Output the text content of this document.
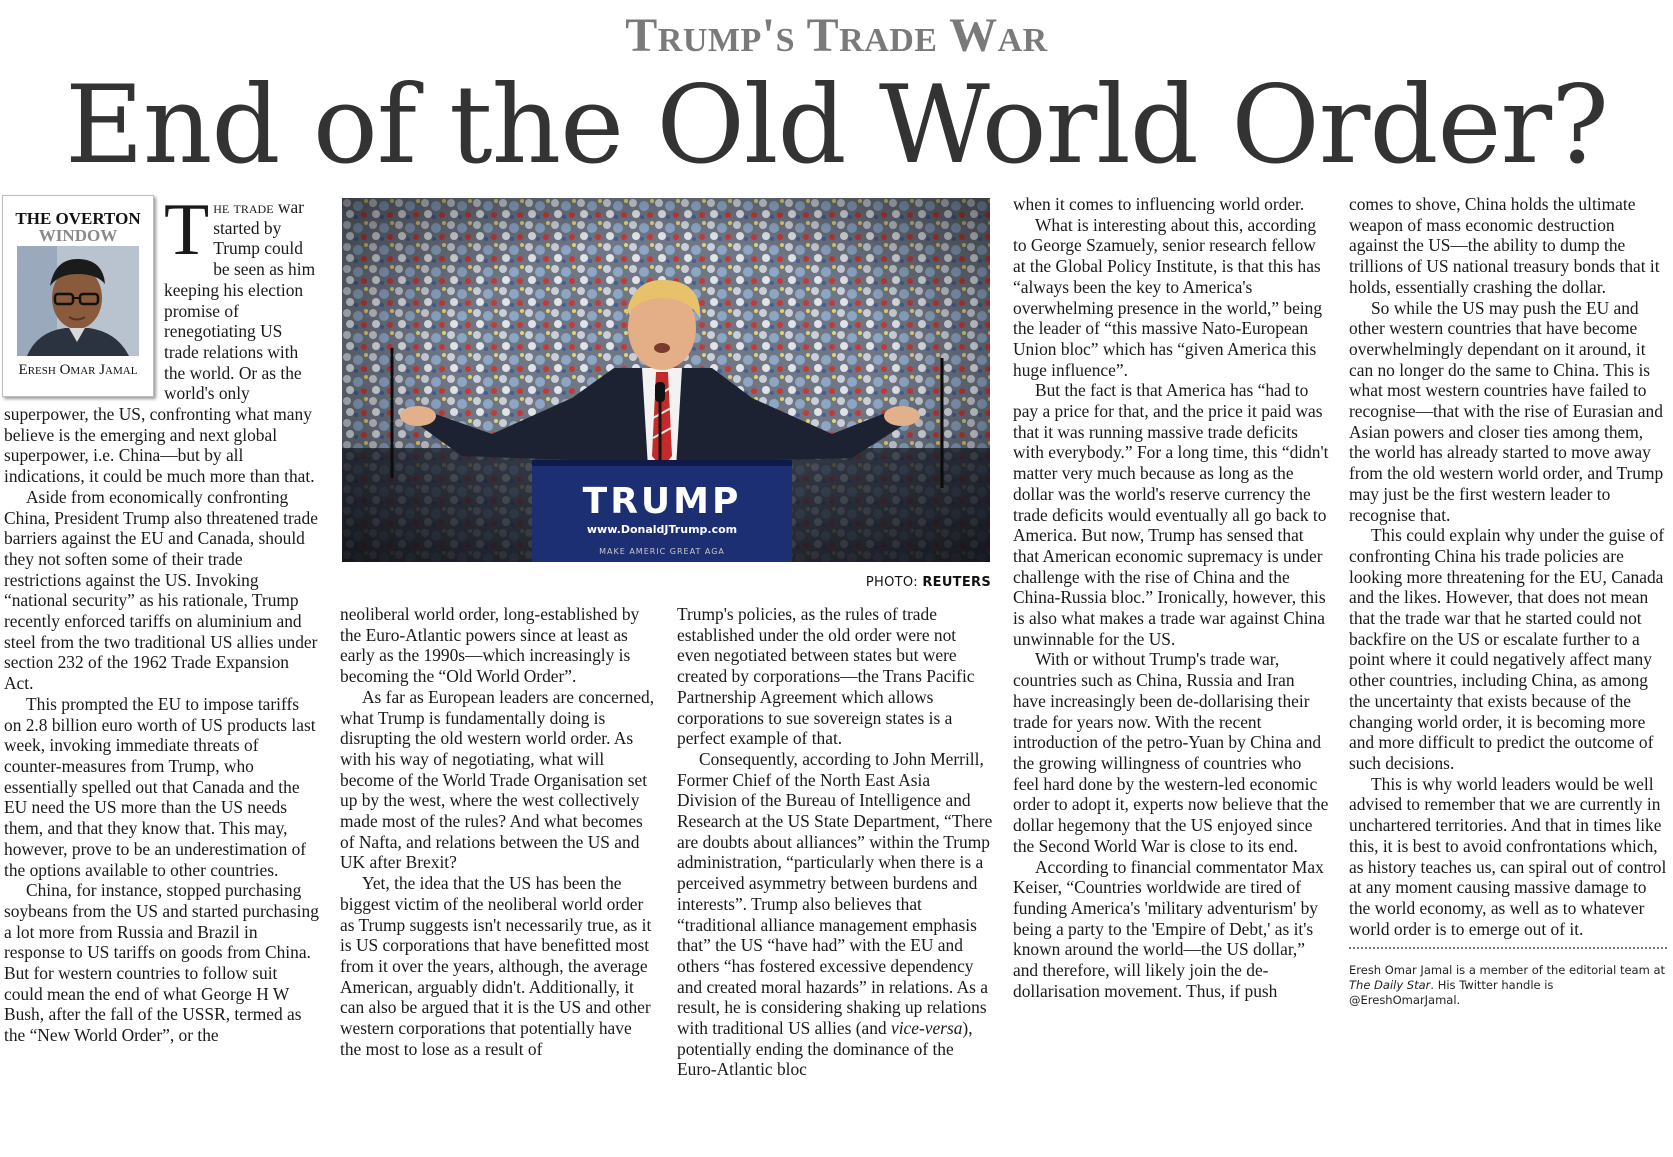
Trump's Trade War
End of the Old World Order?
THE OVERTON
WINDOW
Eresh Omar Jamal

The trade war started by Trump could be seen as him keeping his election promise of renegotiating US trade relations with the world. Or as the world's only superpower, the US, confronting what many believe is the emerging and next global superpower, i.e. China—but by all indications, it could be much more than that.

Aside from economically confronting China, President Trump also threatened trade barriers against the EU and Canada, should they not soften some of their trade restrictions against the US. Invoking “national security” as his rationale, Trump recently enforced tariffs on aluminium and steel from the two traditional US allies under section 232 of the 1962 Trade Expansion Act.

This prompted the EU to impose tariffs on 2.8 billion euro worth of US products last week, invoking immediate threats of counter-measures from Trump, who essentially spelled out that Canada and the EU need the US more than the US needs them, and that they know that. This may, however, prove to be an underestimation of the options available to other countries.

China, for instance, stopped purchasing soybeans from the US and started purchasing a lot more from Russia and Brazil in response to US tariffs on goods from China. But for western countries to follow suit could mean the end of what George H W Bush, after the fall of the USSR, termed as the “New World Order”, or the

TRUMP
www.DonaldJTrump.com
MAKE AMERIC GREAT AGA
PHOTO: REUTERS

neoliberal world order, long-established by the Euro-Atlantic powers since at least as early as the 1990s—which increasingly is becoming the “Old World Order”.

As far as European leaders are concerned, what Trump is fundamentally doing is disrupting the old western world order. As with his way of negotiating, what will become of the World Trade Organisation set up by the west, where the west collectively made most of the rules? And what becomes of Nafta, and relations between the US and UK after Brexit?

Yet, the idea that the US has been the biggest victim of the neoliberal world order as Trump suggests isn't necessarily true, as it is US corporations that have benefitted most from it over the years, although, the average American, arguably didn't. Additionally, it can also be argued that it is the US and other western corporations that potentially have the most to lose as a result of

Trump's policies, as the rules of trade established under the old order were not even negotiated between states but were created by corporations—the Trans Pacific Partnership Agreement which allows corporations to sue sovereign states is a perfect example of that.

Consequently, according to John Merrill, Former Chief of the North East Asia Division of the Bureau of Intelligence and Research at the US State Department, “There are doubts about alliances” within the Trump administration, “particularly when there is a perceived asymmetry between burdens and interests”. Trump also believes that “traditional alliance management emphasis that” the US “have had” with the EU and others “has fostered excessive dependency and created moral hazards” in relations. As a result, he is considering shaking up relations with traditional US allies (and vice-versa), potentially ending the dominance of the Euro-Atlantic bloc

when it comes to influencing world order.

What is interesting about this, according to George Szamuely, senior research fellow at the Global Policy Institute, is that this has “always been the key to America's overwhelming presence in the world,” being the leader of “this massive Nato-European Union bloc” which has “given America this huge influence”.

But the fact is that America has “had to pay a price for that, and the price it paid was that it was running massive trade deficits with everybody.” For a long time, this “didn't matter very much because as long as the dollar was the world's reserve currency the trade deficits would eventually all go back to America. But now, Trump has sensed that that American economic supremacy is under challenge with the rise of China and the China-Russia bloc.” Ironically, however, this is also what makes a trade war against China unwinnable for the US.

With or without Trump's trade war, countries such as China, Russia and Iran have increasingly been de-dollarising their trade for years now. With the recent introduction of the petro-Yuan by China and the growing willingness of countries who feel hard done by the western-led economic order to adopt it, experts now believe that the dollar hegemony that the US enjoyed since the Second World War is close to its end.

According to financial commentator Max Keiser, “Countries worldwide are tired of funding America's 'military adventurism' by being a party to the 'Empire of Debt,' as it's known around the world—the US dollar,” and therefore, will likely join the de-dollarisation movement. Thus, if push

comes to shove, China holds the ultimate weapon of mass economic destruction against the US—the ability to dump the trillions of US national treasury bonds that it holds, essentially crashing the dollar.

So while the US may push the EU and other western countries that have become overwhelmingly dependant on it around, it can no longer do the same to China. This is what most western countries have failed to recognise—that with the rise of Eurasian and Asian powers and closer ties among them, the world has already started to move away from the old western world order, and Trump may just be the first western leader to recognise that.

This could explain why under the guise of confronting China his trade policies are looking more threatening for the EU, Canada and the likes. However, that does not mean that the trade war that he started could not backfire on the US or escalate further to a point where it could negatively affect many other countries, including China, as among the uncertainty that exists because of the changing world order, it is becoming more and more difficult to predict the outcome of such decisions.

This is why world leaders would be well advised to remember that we are currently in unchartered territories. And that in times like this, it is best to avoid confrontations which, as history teaches us, can spiral out of control at any moment causing massive damage to the world economy, as well as to whatever world order is to emerge out of it.

Eresh Omar Jamal is a member of the editorial team at The Daily Star. His Twitter handle is @EreshOmarJamal.
